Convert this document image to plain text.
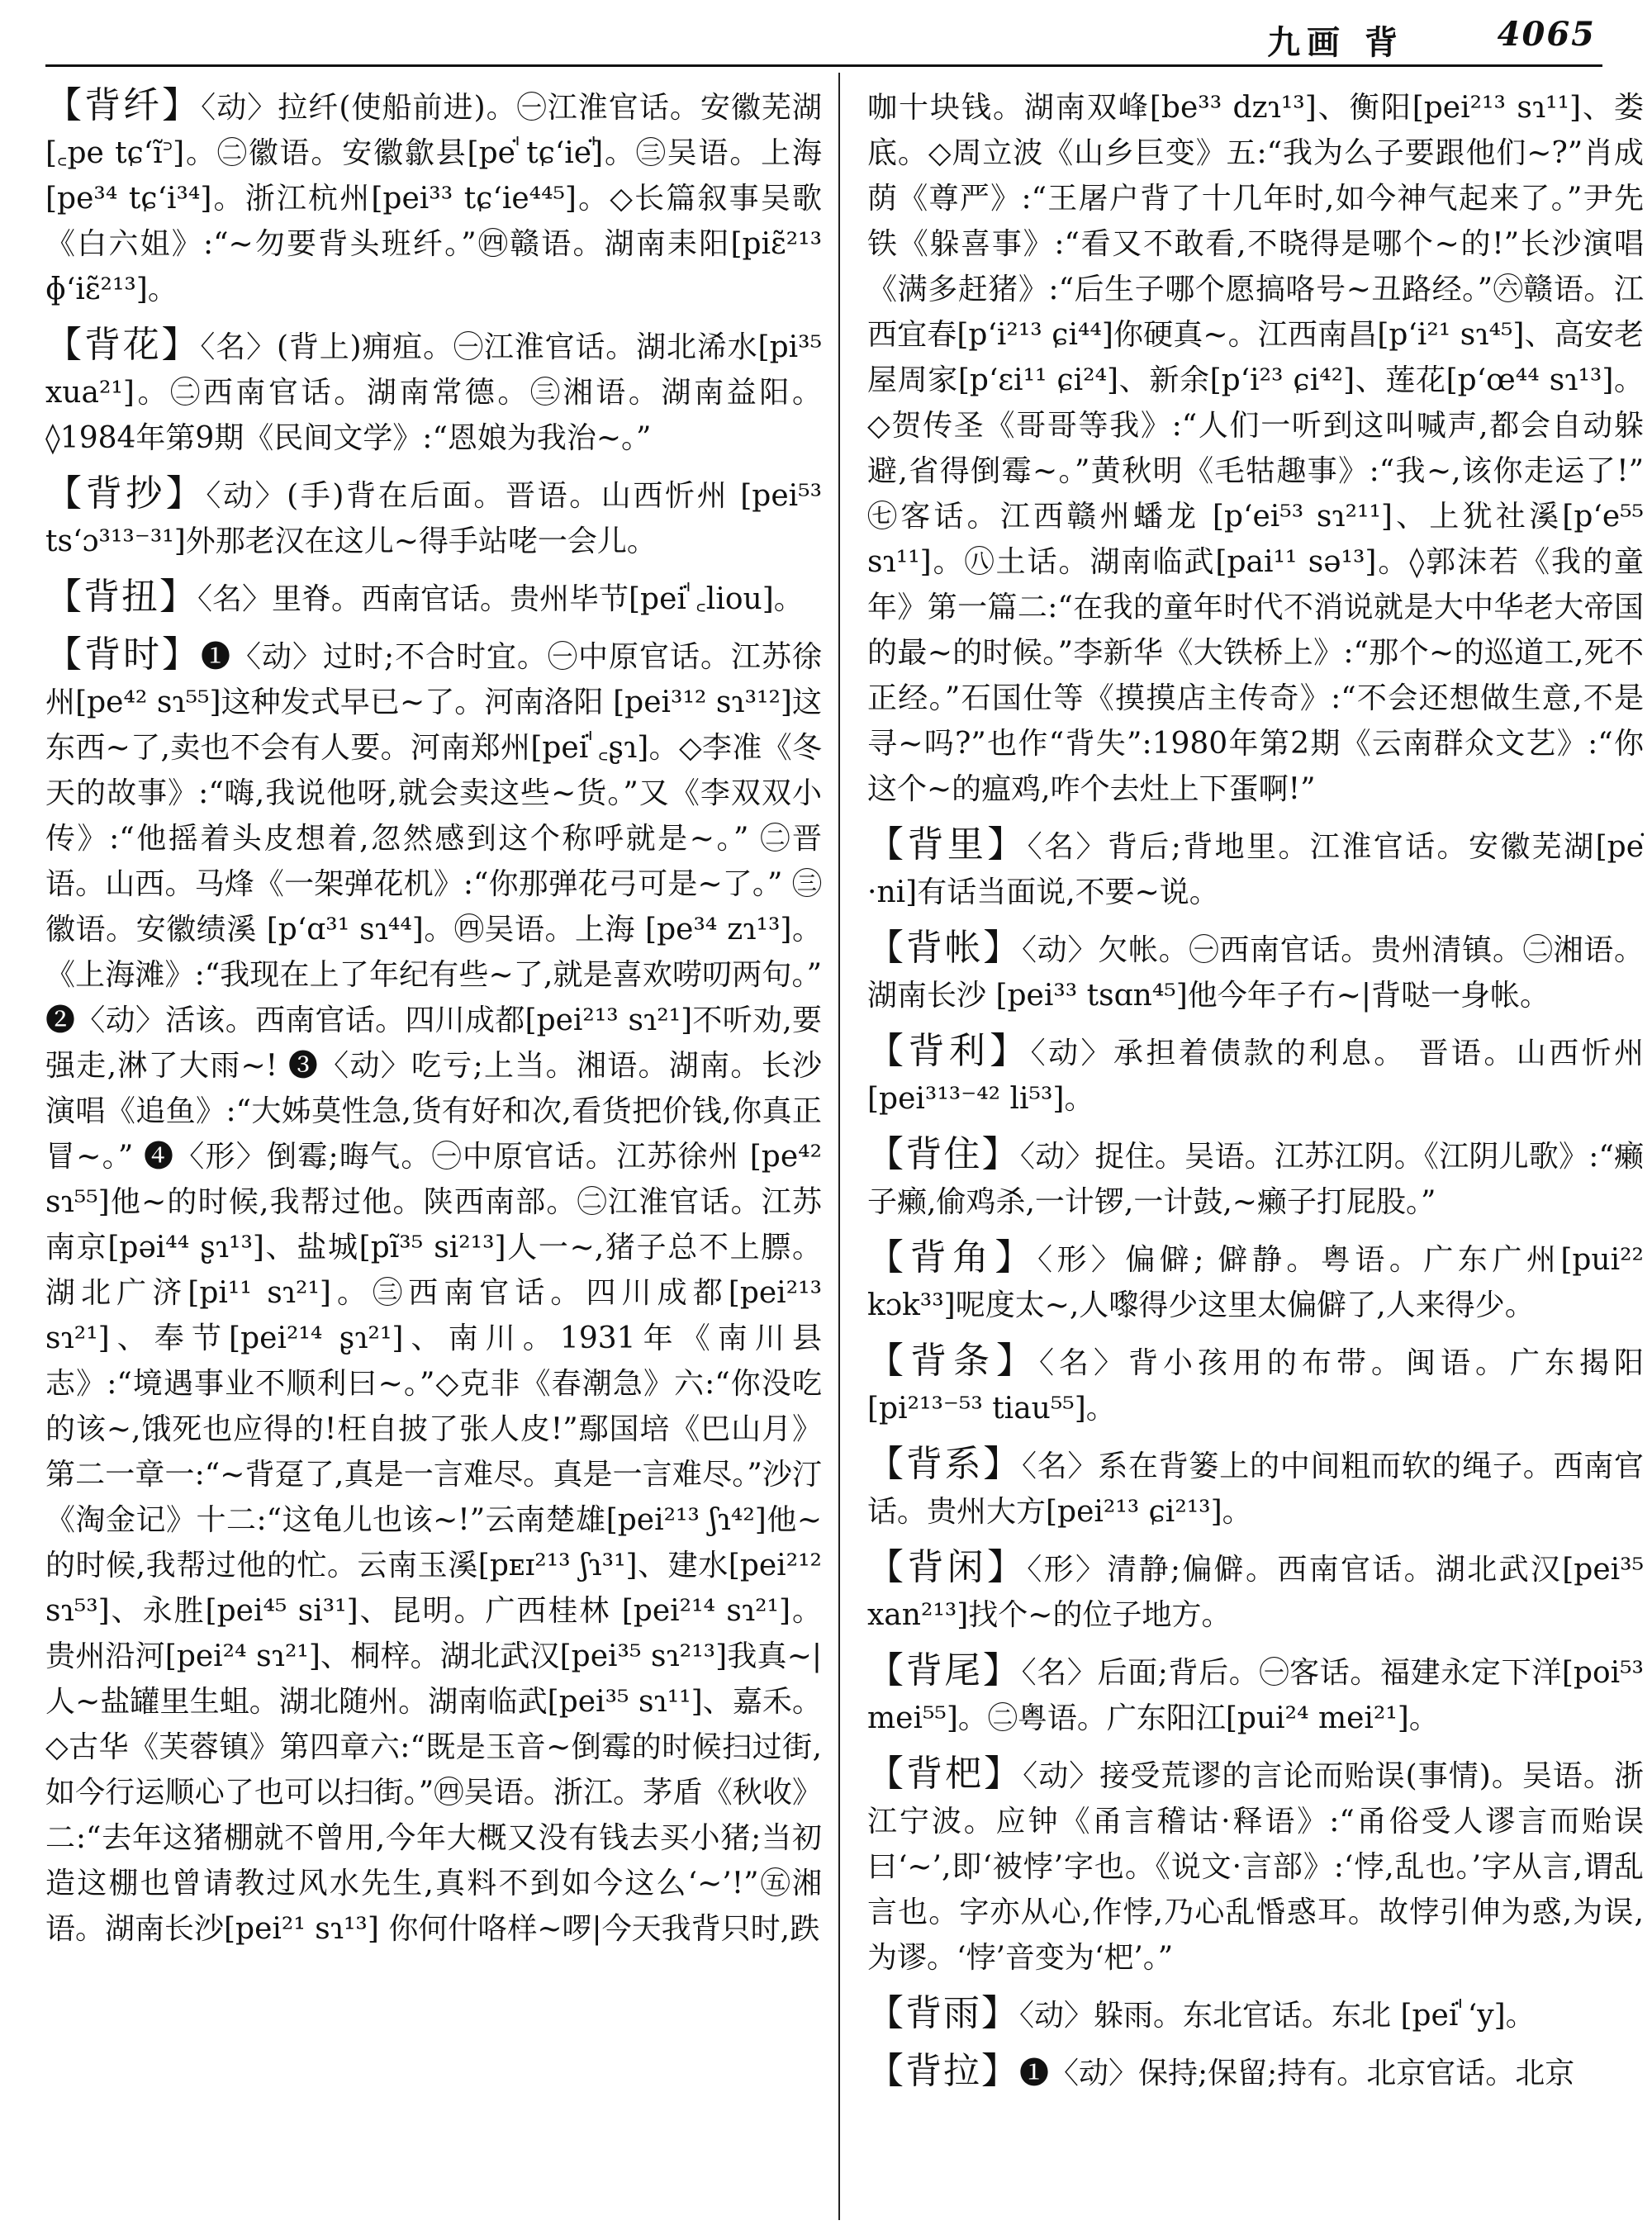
九画 背	4065

【背纤】〈动〉拉纤(使船前进)。㊀江淮官话。安徽芜湖[꜀pe tɕ‘ĩ꜄]。㊁徽语。安徽歙县[peꜗ tɕ‘ieꜗ]。㊂吴语。上海[pe³⁴ tɕ‘i³⁴]。浙江杭州[pei³³ tɕ‘ie⁴⁴⁵]。◇长篇叙事吴歌《白六姐》:“~勿要背头班纤。”㊃赣语。湖南耒阳[piɛ̃²¹³ ɸ‘iɛ̃²¹³]。

【背花】〈名〉(背上)痈疽。㊀江淮官话。湖北浠水[pi³⁵ xua²¹]。㊁西南官话。湖南常德。㊂湘语。湖南益阳。◊1984年第9期《民间文学》:“恩娘为我治~。”

【背抄】〈动〉(手)背在后面。晋语。山西忻州 [pei⁵³ tsʻɔ³¹³⁻³¹]外那老汉在这儿~得手站咾一会儿。

【背扭】〈名〉里脊。西南官话。贵州毕节[peiꜗ ꜀liou]。

【背时】❶〈动〉过时;不合时宜。㊀中原官话。江苏徐州[pe⁴² sɿ⁵⁵]这种发式早已~了。河南洛阳 [pei³¹² sɿ³¹²]这东西~了,卖也不会有人要。河南郑州[peiꜗ ꜀ʂɿ]。◇李准《冬天的故事》:“嗨,我说他呀,就会卖这些~货。”又《李双双小传》:“他摇着头皮想着,忽然感到这个称呼就是~。” ㊁晋语。山西。马烽《一架弹花机》:“你那弹花弓可是~了。” ㊂徽语。安徽绩溪 [p‘ɑ³¹ sɿ⁴⁴]。㊃吴语。上海 [pe³⁴ zɿ¹³]。《上海滩》:“我现在上了年纪有些~了,就是喜欢唠叨两句。” ❷〈动〉活该。西南官话。四川成都[pei²¹³ sɿ²¹]不听劝,要强走,淋了大雨~! ❸〈动〉吃亏;上当。湘语。湖南。长沙演唱《追鱼》:“大姊莫性急,货有好和次,看货把价钱,你真正冒~。” ❹〈形〉倒霉;晦气。㊀中原官话。江苏徐州 [pe⁴² sɿ⁵⁵]他~的时候,我帮过他。陕西南部。㊁江淮官话。江苏南京[pəi⁴⁴ ʂɿ¹³]、盐城[pĩ³⁵ si²¹³]人一~,猪子总不上膘。湖北广济[pi¹¹ sɿ²¹]。㊂西南官话。四川成都[pei²¹³ sɿ²¹]、奉节[pei²¹⁴ ʂɿ²¹]、南川。1931年《南川县志》:“境遇事业不顺利曰~。”◇克非《春潮急》六:“你没吃的该~,饿死也应得的!枉自披了张人皮!”鄢国培《巴山月》第二一章一:“~背趸了,真是一言难尽。真是一言难尽。”沙汀《淘金记》十二:“这龟儿也该~!”云南楚雄[pei²¹³ ʃɿ⁴²]他~的时候,我帮过他的忙。云南玉溪[pᴇɪ²¹³ ʃɿ³¹]、建水[pei²¹² sɿ⁵³]、永胜[pei⁴⁵ si³¹]、昆明。广西桂林 [pei²¹⁴ sɿ²¹]。贵州沿河[pei²⁴ sɿ²¹]、桐梓。湖北武汉[pei³⁵ sɿ²¹³]我真~|人~盐罐里生蛆。湖北随州。湖南临武[pei³⁵ sɿ¹¹]、嘉禾。◇古华《芙蓉镇》第四章六:“既是玉音~倒霉的时候扫过街,如今行运顺心了也可以扫街。”㊃吴语。浙江。茅盾《秋收》二:“去年这猪棚就不曾用,今年大概又没有钱去买小猪;当初造这棚也曾请教过风水先生,真料不到如今这么‘~’!”㊄湘语。湖南长沙[pei²¹ sɿ¹³] 你何什咯样~啰|今天我背只时,跌

咖十块钱。湖南双峰[be³³ dzɿ¹³]、衡阳[pei²¹³ sɿ¹¹]、娄底。◇周立波《山乡巨变》五:“我为么子要跟他们~?”肖成荫《尊严》:“王屠户背了十几年时,如今神气起来了。”尹先铁《躲喜事》:“看又不敢看,不晓得是哪个~的!”长沙演唱《满多赶猪》:“后生子哪个愿搞咯号~丑路经。”㊅赣语。江西宜春[p‘i²¹³ ɕi⁴⁴]你硬真~。江西南昌[p‘i²¹ sɿ⁴⁵]、高安老屋周家[p‘ɛi¹¹ ɕi²⁴]、新余[p‘i²³ ɕi⁴²]、莲花[p‘œ⁴⁴ sɿ¹³]。◇贺传圣《哥哥等我》:“人们一听到这叫喊声,都会自动躲避,省得倒霉~。”黄秋明《毛牯趣事》:“我~,该你走运了!” ㊆客话。江西赣州蟠龙 [p‘ei⁵³ sɿ²¹¹]、上犹社溪[p‘e⁵⁵ sɿ¹¹]。㊇土话。湖南临武[pai¹¹ sə¹³]。◊郭沫若《我的童年》第一篇二:“在我的童年时代不消说就是大中华老大帝国的最~的时候。”李新华《大铁桥上》:“那个~的巡道工,死不正经。”石国仕等《摸摸店主传奇》:“不会还想做生意,不是寻~吗?”也作“背失”:1980年第2期《云南群众文艺》:“你这个~的瘟鸡,咋个去灶上下蛋啊!”

【背里】〈名〉背后;背地里。江淮官话。安徽芜湖[peꜗ ·ni]有话当面说,不要~说。

【背帐】〈动〉欠帐。㊀西南官话。贵州清镇。㊁湘语。湖南长沙 [pei³³ tsɑn⁴⁵]他今年子冇~|背哒一身帐。

【背利】〈动〉承担着债款的利息。 晋语。山西忻州[pei³¹³⁻⁴² li⁵³]。

【背住】〈动〉捉住。吴语。江苏江阴。《江阴儿歌》:“癞子癞,偷鸡杀,一计锣,一计鼓,~癞子打屁股。”

【背角】〈形〉偏僻; 僻静。粤语。广东广州[pui²² kɔk³³]呢度太~,人嚟得少这里太偏僻了,人来得少。

【背条】〈名〉背小孩用的布带。闽语。广东揭阳[pi²¹³⁻⁵³ tiau⁵⁵]。

【背系】〈名〉系在背篓上的中间粗而软的绳子。西南官话。贵州大方[pei²¹³ ɕi²¹³]。

【背闲】〈形〉清静;偏僻。西南官话。湖北武汉[pei³⁵ xan²¹³]找个~的位子地方。

【背尾】〈名〉后面;背后。㊀客话。福建永定下洋[poi⁵³ mei⁵⁵]。㊁粤语。广东阳江[pui²⁴ mei²¹]。

【背杷】〈动〉接受荒谬的言论而贻误(事情)。吴语。浙江宁波。应钟《甬言稽诂·释语》:“甬俗受人谬言而贻误曰‘~’,即‘被悖’字也。《说文·言部》:‘悖,乱也。’字从言,谓乱言也。字亦从心,作悖,乃心乱惛惑耳。故悖引伸为惑,为误,为谬。‘悖’音变为‘杷’。”

【背雨】〈动〉躲雨。东北官话。东北 [peiꜗ ‘y]。

【背拉】❶〈动〉保持;保留;持有。北京官话。北京
